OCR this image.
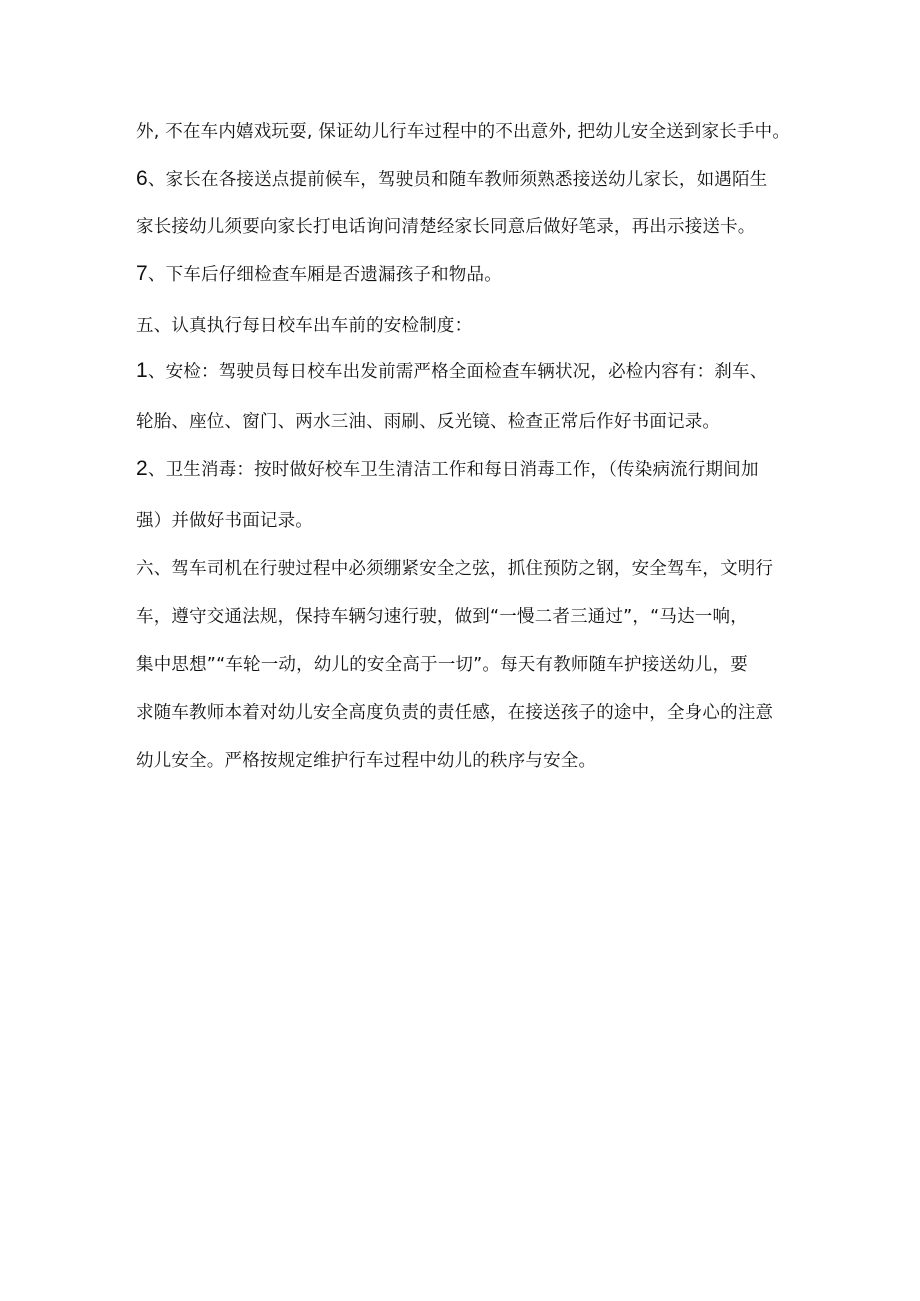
外, 不在车内嬉戏玩耍, 保证幼儿行车过程中的不出意外, 把幼儿安全送到家长手中。
6、家长在各接送点提前候车，驾驶员和随车教师须熟悉接送幼儿家长，如遇陌生
家长接幼儿须要向家长打电话询问清楚经家长同意后做好笔录，再出示接送卡。
7、下车后仔细检查车厢是否遗漏孩子和物品。
五、认真执行每日校车出车前的安检制度：
1、安检：驾驶员每日校车出发前需严格全面检查车辆状况，必检内容有：刹车、
轮胎、座位、窗门、两水三油、雨刷、反光镜、检查正常后作好书面记录。
2、卫生消毒：按时做好校车卫生清洁工作和每日消毒工作，（传染病流行期间加
强）并做好书面记录。
六、驾车司机在行驶过程中必须绷紧安全之弦，抓住预防之钢，安全驾车，文明行
车，遵守交通法规，保持车辆匀速行驶，做到“一慢二者三通过”，“马达一响，
集中思想”“车轮一动，幼儿的安全高于一切”。每天有教师随车护接送幼儿，要
求随车教师本着对幼儿安全高度负责的责任感，在接送孩子的途中，全身心的注意
幼儿安全。严格按规定维护行车过程中幼儿的秩序与安全。
